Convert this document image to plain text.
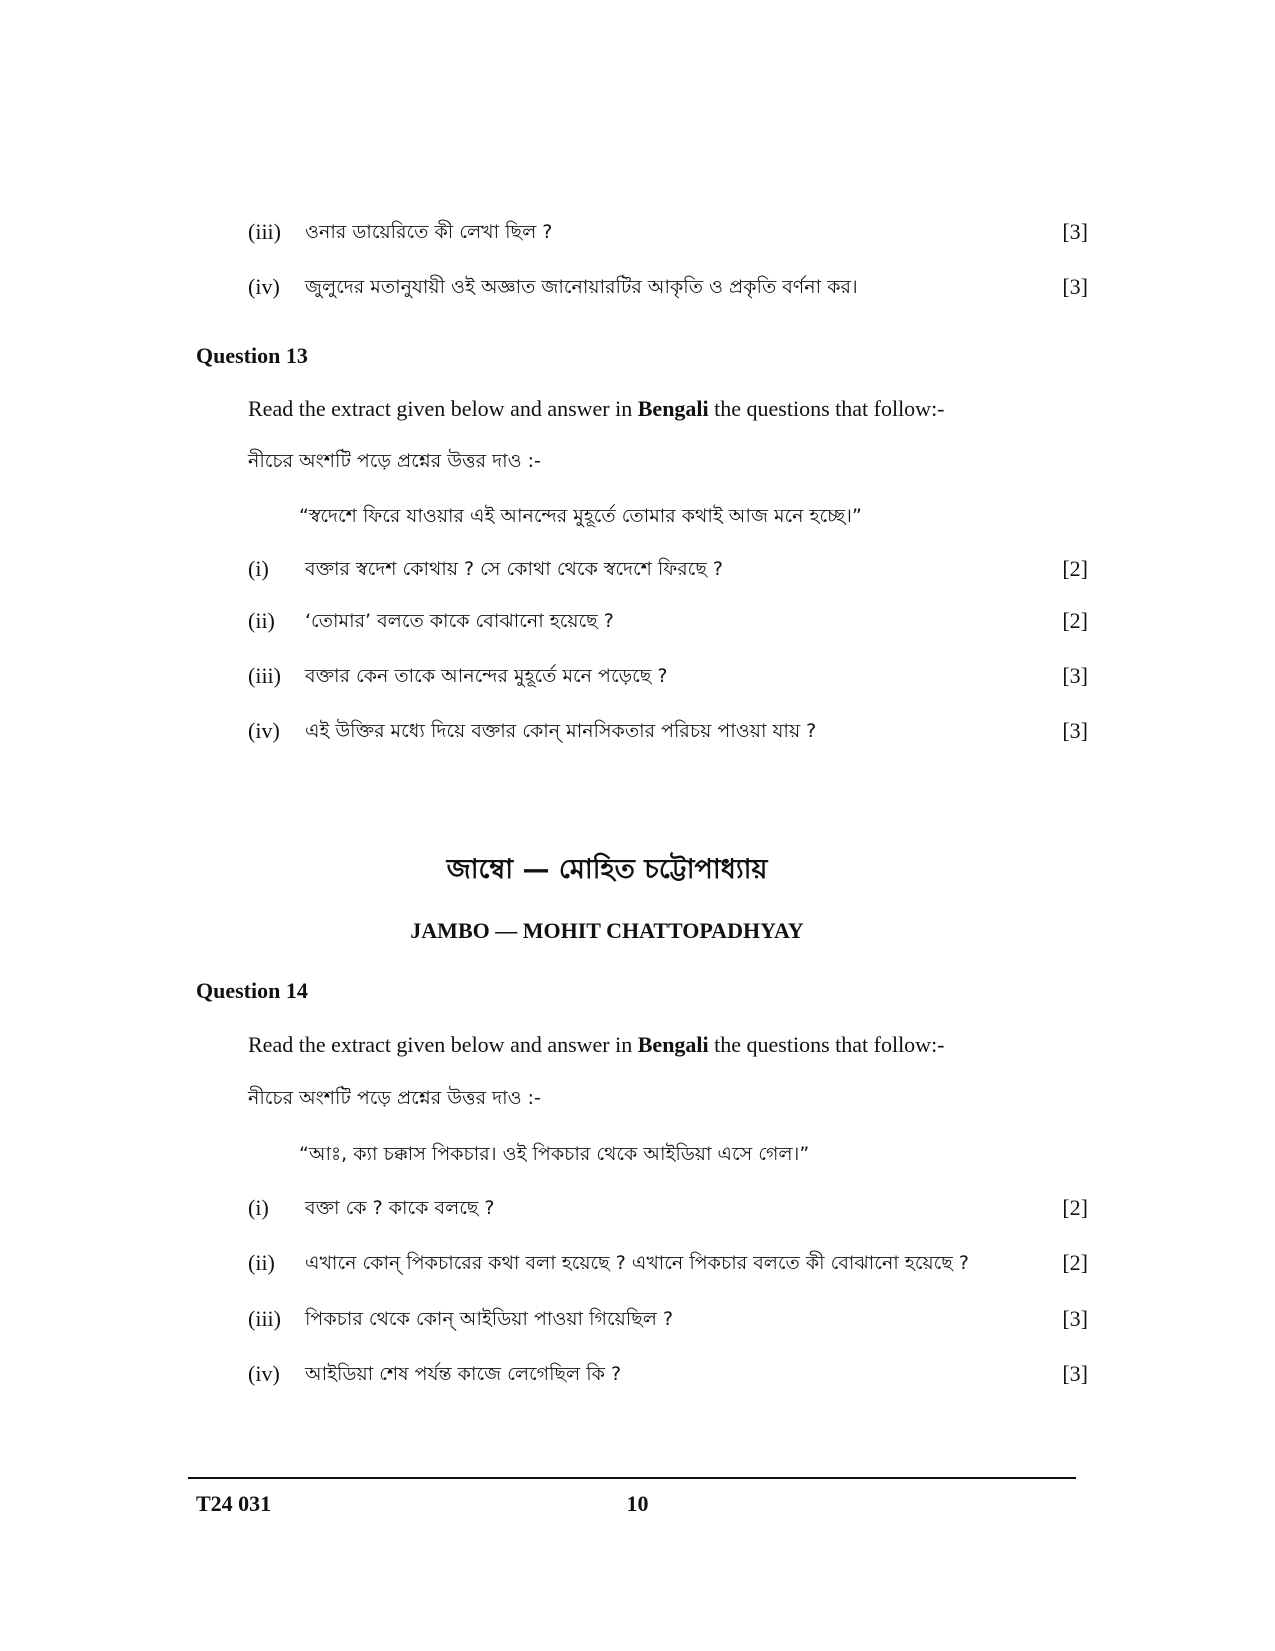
(iii) ওনার ডায়েরিতে কী লেখা ছিল ?	[3]
(iv) জুলুদের মতানুযায়ী ওই অজ্ঞাত জানোয়ারটির আকৃতি ও প্রকৃতি বর্ণনা কর।	[3]
Question 13
Read the extract given below and answer in Bengali the questions that follow:-
নীচের অংশটি পড়ে প্রশ্নের উত্তর দাও :-
“স্বদেশে ফিরে যাওয়ার এই আনন্দের মুহূর্তে তোমার কথাই আজ মনে হচ্ছে।”
(i) বক্তার স্বদেশ কোথায় ? সে কোথা থেকে স্বদেশে ফিরছে ?	[2]
(ii) ‘তোমার’ বলতে কাকে বোঝানো হয়েছে ?	[2]
(iii) বক্তার কেন তাকে আনন্দের মুহূর্তে মনে পড়েছে ?	[3]
(iv) এই উক্তির মধ্যে দিয়ে বক্তার কোন্ মানসিকতার পরিচয় পাওয়া যায় ?	[3]
জাম্বো — মোহিত চট্টোপাধ্যায়
JAMBO — MOHIT CHATTOPADHYAY
Question 14
Read the extract given below and answer in Bengali the questions that follow:-
নীচের অংশটি পড়ে প্রশ্নের উত্তর দাও :-
“আঃ, ক্যা চক্কাস পিকচার। ওই পিকচার থেকে আইডিয়া এসে গেল।”
(i) বক্তা কে ? কাকে বলছে ?	[2]
(ii) এখানে কোন্ পিকচারের কথা বলা হয়েছে ? এখানে পিকচার বলতে কী বোঝানো হয়েছে ?	[2]
(iii) পিকচার থেকে কোন্ আইডিয়া পাওয়া গিয়েছিল ?	[3]
(iv) আইডিয়া শেষ পর্যন্ত কাজে লেগেছিল কি ?	[3]
T24 031	10
